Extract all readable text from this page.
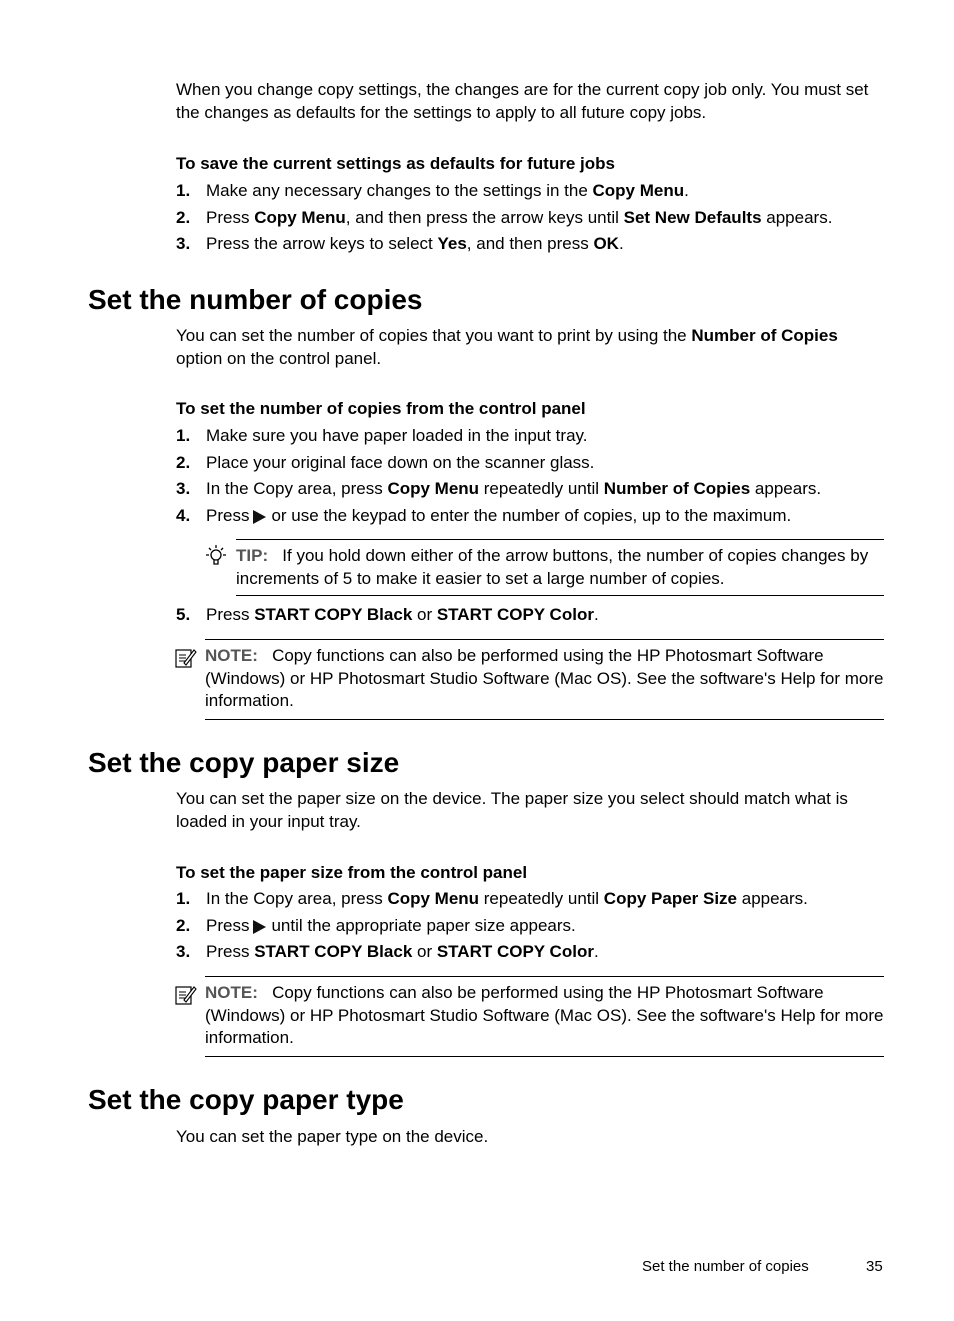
When you change copy settings, the changes are for the current copy job only. You must set the changes as defaults for the settings to apply to all future copy jobs.

To save the current settings as defaults for future jobs

1. Make any necessary changes to the settings in the Copy Menu.
2. Press Copy Menu, and then press the arrow keys until Set New Defaults appears.
3. Press the arrow keys to select Yes, and then press OK.
Set the number of copies

You can set the number of copies that you want to print by using the Number of Copies option on the control panel.

To set the number of copies from the control panel

1. Make sure you have paper loaded in the input tray.
2. Place your original face down on the scanner glass.
3. In the Copy area, press Copy Menu repeatedly until Number of Copies appears.
4. Press or use the keypad to enter the number of copies, up to the maximum.

TIP: If you hold down either of the arrow buttons, the number of copies changes by increments of 5 to make it easier to set a large number of copies.

5. Press START COPY Black or START COPY Color.

NOTE: Copy functions can also be performed using the HP Photosmart Software (Windows) or HP Photosmart Studio Software (Mac OS). See the software's Help for more information.

Set the copy paper size

You can set the paper size on the device. The paper size you select should match what is loaded in your input tray.

To set the paper size from the control panel

1. In the Copy area, press Copy Menu repeatedly until Copy Paper Size appears.
2. Press until the appropriate paper size appears.
3. Press START COPY Black or START COPY Color.

NOTE: Copy functions can also be performed using the HP Photosmart Software (Windows) or HP Photosmart Studio Software (Mac OS). See the software's Help for more information.

Set the copy paper type

You can set the paper type on the device.

Set the number of copies	35
